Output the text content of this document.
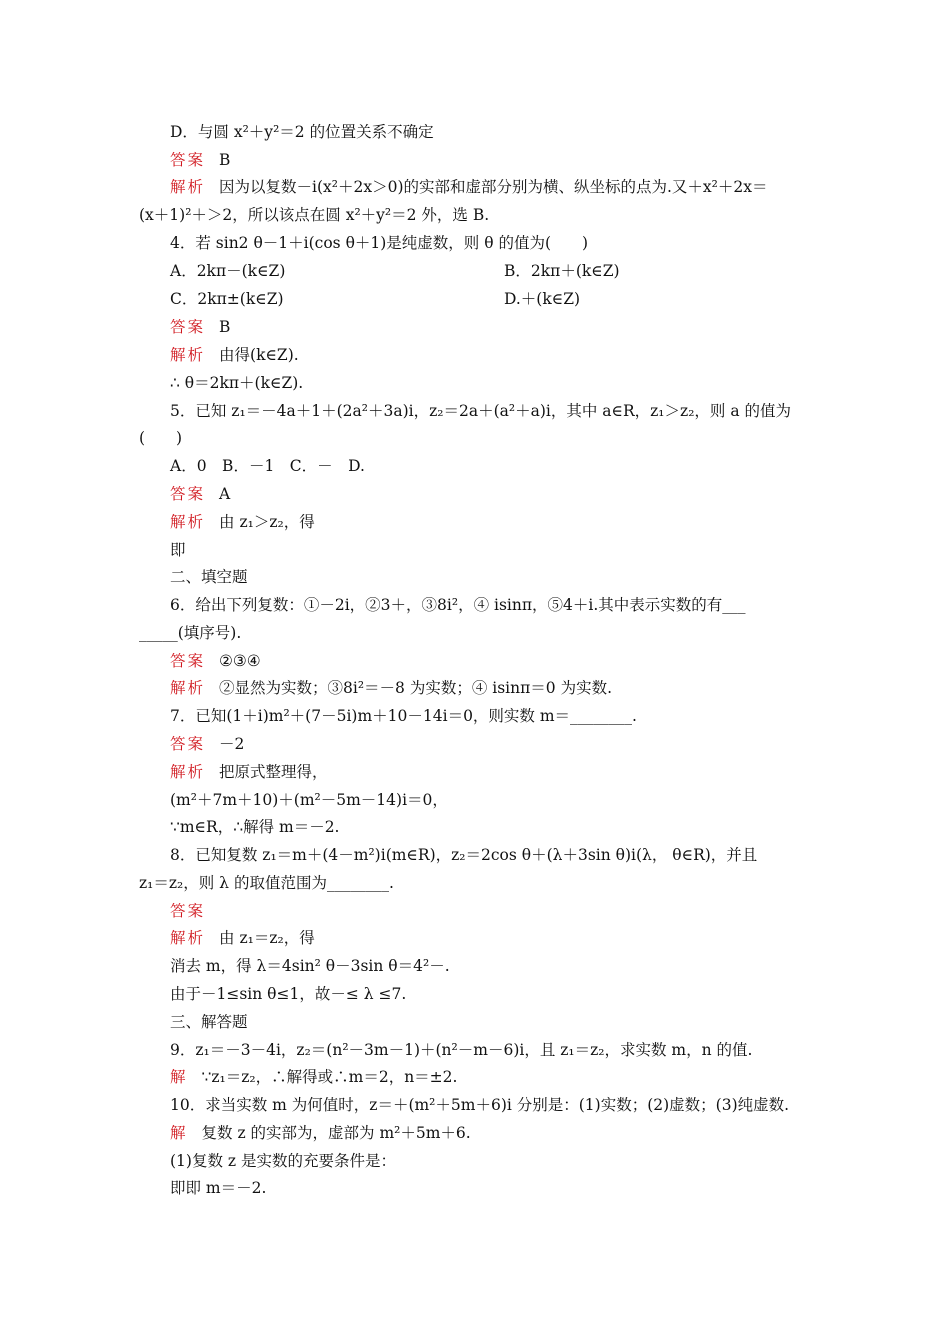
D．与圆 x²＋y²＝2 的位置关系不确定
答案 B
解析 因为以复数－i(x²＋2x＞0)的实部和虚部分别为横、纵坐标的点为.又＋x²＋2x＝
(x＋1)²＋＞2，所以该点在圆 x²＋y²＝2 外，选 B.
4．若 sin2 θ－1＋i(cos θ＋1)是纯虚数，则 θ 的值为(　　)
A．2kπ－(k∈Z)	B．2kπ＋(k∈Z)
C．2kπ±(k∈Z)	D.＋(k∈Z)
答案 B
解析 由得(k∈Z).
∴ θ＝2kπ＋(k∈Z).
5．已知 z₁＝－4a＋1＋(2a²＋3a)i，z₂＝2a＋(a²＋a)i，其中 a∈R，z₁＞z₂，则 a 的值为
(　　)
A．0　B．－1　C．－　D.
答案 A
解析 由 z₁＞z₂，得
即
二、填空题
6．给出下列复数：①－2i，②3＋，③8i²，④ isinπ，⑤4＋i.其中表示实数的有___
_____(填序号).
答案 ②③④
解析 ②显然为实数；③8i²＝－8 为实数；④ isinπ＝0 为实数.
7．已知(1＋i)m²＋(7－5i)m＋10－14i＝0，则实数 m＝________.
答案 －2
解析 把原式整理得，
(m²＋7m＋10)＋(m²－5m－14)i＝0，
∵m∈R，∴解得 m＝－2.
8．已知复数 z₁＝m＋(4－m²)i(m∈R)，z₂＝2cos θ＋(λ＋3sin θ)i(λ， θ∈R)，并且
z₁＝z₂，则 λ 的取值范围为________.
答案
解析 由 z₁＝z₂，得
消去 m，得 λ＝4sin² θ－3sin θ＝4²－.
由于－1≤sin θ≤1，故－≤ λ ≤7.
三、解答题
9．z₁＝－3－4i，z₂＝(n²－3m－1)＋(n²－m－6)i，且 z₁＝z₂，求实数 m，n 的值.
解 ∵z₁＝z₂，∴解得或∴m＝2，n＝±2.
10．求当实数 m 为何值时，z＝＋(m²＋5m＋6)i 分别是：(1)实数；(2)虚数；(3)纯虚数.
解 复数 z 的实部为，虚部为 m²＋5m＋6.
(1)复数 z 是实数的充要条件是：
即即 m＝－2.
